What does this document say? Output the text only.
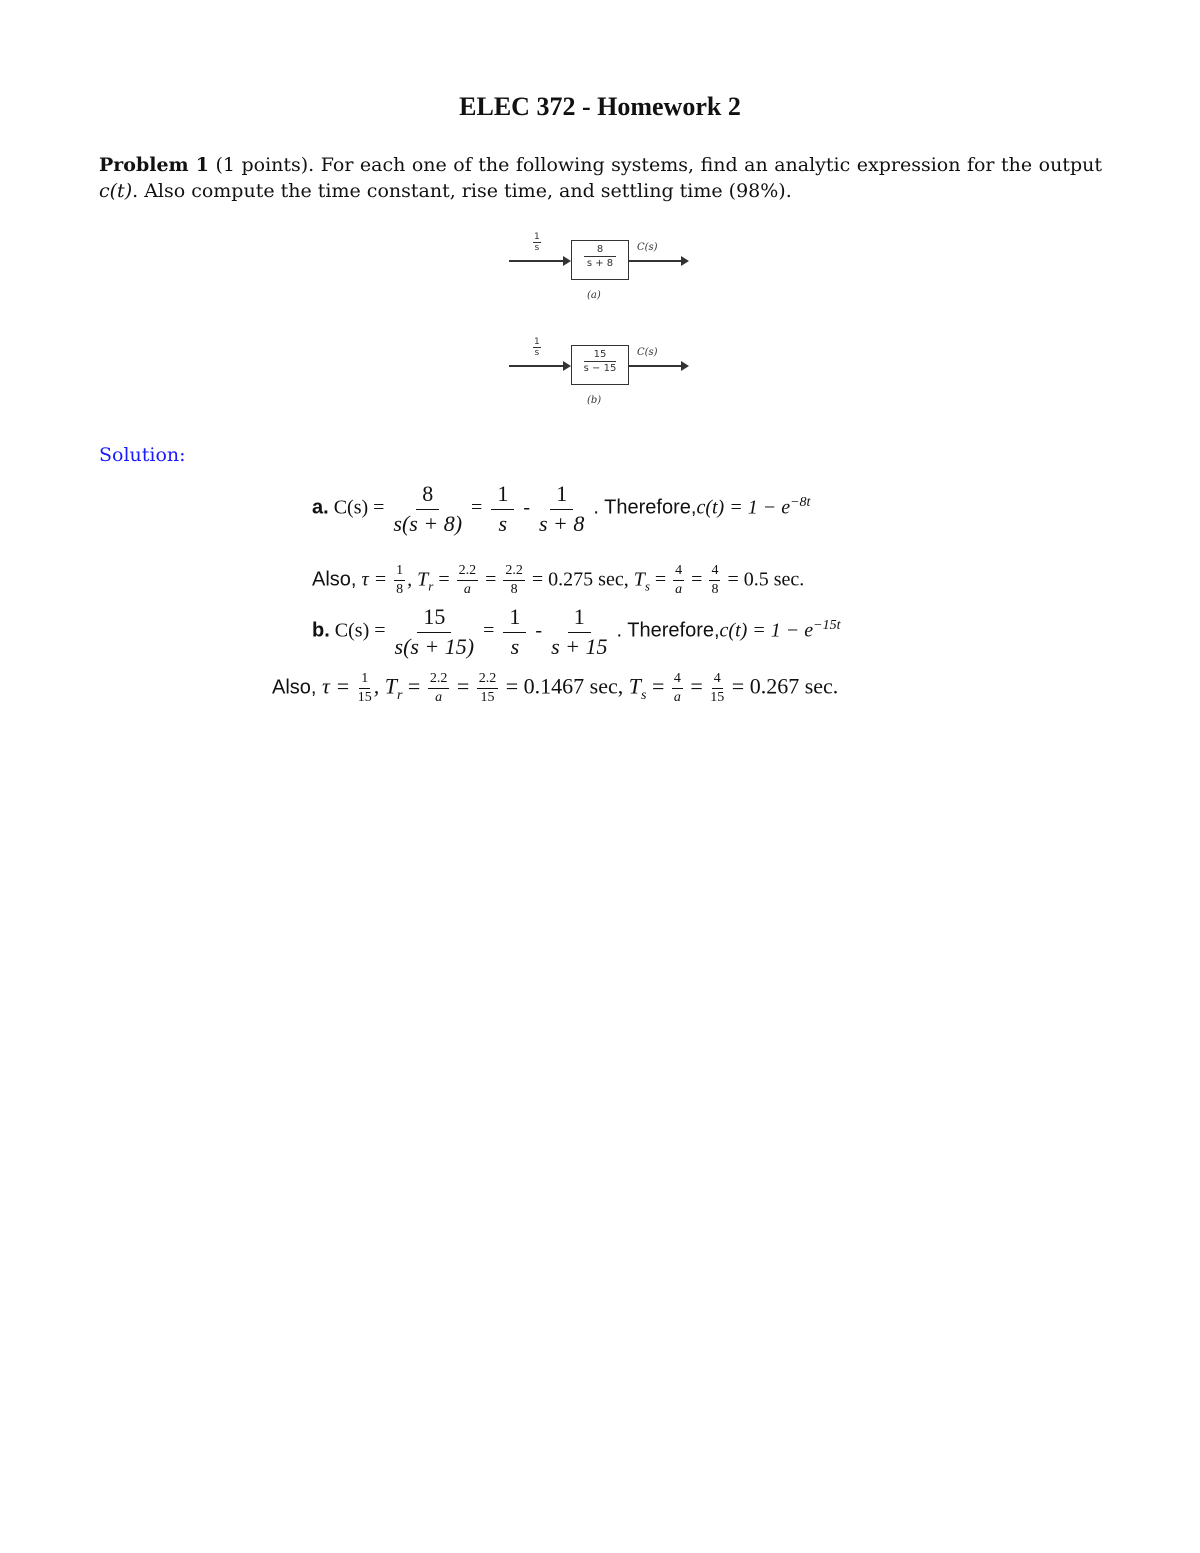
ELEC 372 - Homework 2
Problem 1 (1 points). For each one of the following systems, find an analytic expression for the output c(t). Also compute the time constant, rise time, and settling time (98%).
1
s	$\frac{8}{s + 8} C(s)$
(a)
1
s	$\frac{15}{s - 15} C(s)$
(b)
Solution:
a. $C(s) = \frac{8}{s(s + 8)} = \frac{1}{s} - \frac{1}{s + 8}$ . Therefore,c(t) = $1 - e^{-8t}$
Also, $\tau = \frac{1}{8}$ , $T_r = \frac{2.2}{a} = \frac{2.2}{8} = 0.275$ sec, $T_s = \frac{4}{a} = \frac{4}{8} = 0.5$ sec.
b. $C(s) = \frac{15}{s(s + 15)} = \frac{1}{s} - \frac{1}{s + 15}$ . Therefore,c(t) = $1 - e^{-15t}$
Also, $\tau = \frac{1}{15}$ , $T_r = \frac{2.2}{a} = \frac{2.2}{15} = 0.1467$ sec, $T_s = \frac{4}{a} = \frac{4}{15} = 0.267$ sec.
